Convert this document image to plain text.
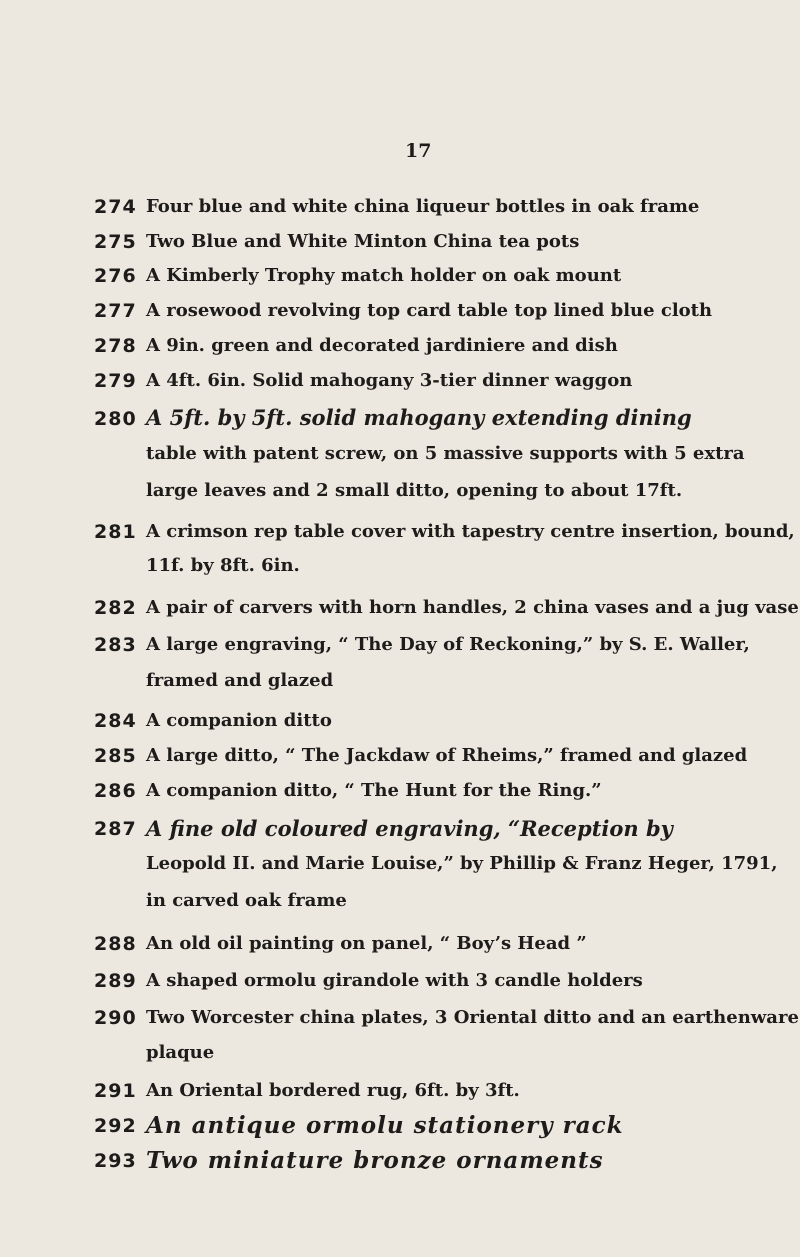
17
274 Four blue and white china liqueur bottles in oak frame
275 Two Blue and White Minton China tea pots
276 A Kimberly Trophy match holder on oak mount
277 A rosewood revolving top card table top lined blue cloth
278 A 9in. green and decorated jardiniere and dish
279 A 4ft. 6in. Solid mahogany 3-tier dinner waggon
280 A 5ft. by 5ft. solid mahogany extending dining
table with patent screw, on 5 massive supports with 5 extra
large leaves and 2 small ditto, opening to about 17ft.
281 A crimson rep table cover with tapestry centre insertion, bound,
11f. by 8ft. 6in.
282 A pair of carvers with horn handles, 2 china vases and a jug vase
283 A large engraving, “ The Day of Reckoning,” by S. E. Waller,
framed and glazed
284 A companion ditto
285 A large ditto, “ The Jackdaw of Rheims,” framed and glazed
286 A companion ditto, “ The Hunt for the Ring.”
287 A fine old coloured engraving, “Reception by
Leopold II. and Marie Louise,” by Phillip & Franz Heger, 1791,
in carved oak frame
288 An old oil painting on panel, “ Boy’s Head ”
289 A shaped ormolu girandole with 3 candle holders
290 Two Worcester china plates, 3 Oriental ditto and an earthenware
plaque
291 An Oriental bordered rug, 6ft. by 3ft.
292 An antique ormolu stationery rack
293 Two miniature bronze ornaments
